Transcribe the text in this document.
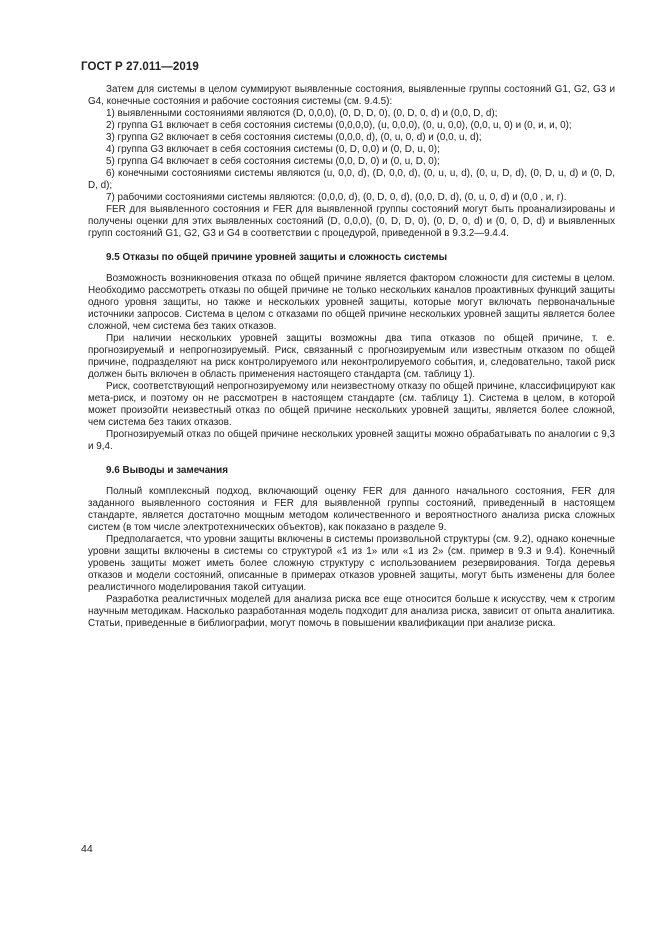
ГОСТ Р 27.011—2019

Затем для системы в целом суммируют выявленные состояния, выявленные группы состояний G1, G2, G3 и G4, конечные состояния и рабочие состояния системы (см. 9.4.5):

1) выявленными состояниями являются (D, 0,0,0), (0, D, D, 0), (0, D, 0, d) и (0,0, D, d);

2) группа G1 включает в себя состояния системы (0,0,0,0), (u, 0,0,0), (0, u, 0,0), (0,0, u, 0) и (0, и, и, 0);

3) группа G2 включает в себя состояния системы (0,0,0, d), (0, u, 0, d) и (0,0, u, d);

4) группа G3 включает в себя состояния системы (0, D, 0,0) и (0, D, u, 0);

5) группа G4 включает в себя состояния системы (0,0, D, 0) и (0, u, D, 0);

6) конечными состояниями системы являются (u, 0,0, d), (D, 0,0, d), (0, u, u, d), (0, u, D, d), (0, D, u, d) и (0, D, D, d);

7) рабочими состояниями системы являются: (0,0,0, d), (0, D, 0, d), (0,0, D, d), (0, u, 0, d) и (0,0 , и, г).

FER для выявленного состояния и FER для выявленной группы состояний могут быть проанализированы и получены оценки для этих выявленных состояний (D, 0,0,0), (0, D, D, 0), (0, D, 0, d) и (0, 0, D, d) и выявленных групп состояний G1, G2, G3 и G4 в соответствии с процедурой, приведенной в 9.3.2—9.4.4.

9.5 Отказы по общей причине уровней защиты и сложность системы

Возможность возникновения отказа по общей причине является фактором сложности для системы в целом. Необходимо рассмотреть отказы по общей причине не только нескольких каналов проактивных функций защиты одного уровня защиты, но также и нескольких уровней защиты, которые могут включать первоначальные источники запросов. Система в целом с отказами по общей причине нескольких уровней защиты является более сложной, чем система без таких отказов.

При наличии нескольких уровней защиты возможны два типа отказов по общей причине, т. е. прогнозируемый и непрогнозируемый. Риск, связанный с прогнозируемым или известным отказом по общей причине, подразделяют на риск контролируемого или неконтролируемого события, и, следовательно, такой риск должен быть включен в область применения настоящего стандарта (см. таблицу 1).

Риск, соответствующий непрогнозируемому или неизвестному отказу по общей причине, классифицируют как мета-риск, и поэтому он не рассмотрен в настоящем стандарте (см. таблицу 1). Система в целом, в которой может произойти неизвестный отказ по общей причине нескольких уровней защиты, является более сложной, чем система без таких отказов.

Прогнозируемый отказ по общей причине нескольких уровней защиты можно обрабатывать по аналогии с 9,3 и 9,4.

9.6 Выводы и замечания

Полный комплексный подход, включающий оценку FER для данного начального состояния, FER для заданного выявленного состояния и FER для выявленной группы состояний, приведенный в настоящем стандарте, является достаточно мощным методом количественного и вероятностного анализа риска сложных систем (в том числе электротехнических объектов), как показано в разделе 9.

Предполагается, что уровни защиты включены в системы произвольной структуры (см. 9.2), однако конечные уровни защиты включены в системы со структурой «1 из 1» или «1 из 2» (см. пример в 9.3 и 9.4). Конечный уровень защиты может иметь более сложную структуру с использованием резервирования. Тогда деревья отказов и модели состояний, описанные в примерах отказов уровней защиты, могут быть изменены для более реалистичного моделирования такой ситуации.

Разработка реалистичных моделей для анализа риска все еще относится больше к искусству, чем к строгим научным методикам. Насколько разработанная модель подходит для анализа риска, зависит от опыта аналитика. Статьи, приведенные в библиографии, могут помочь в повышении квалификации при анализе риска.

44
